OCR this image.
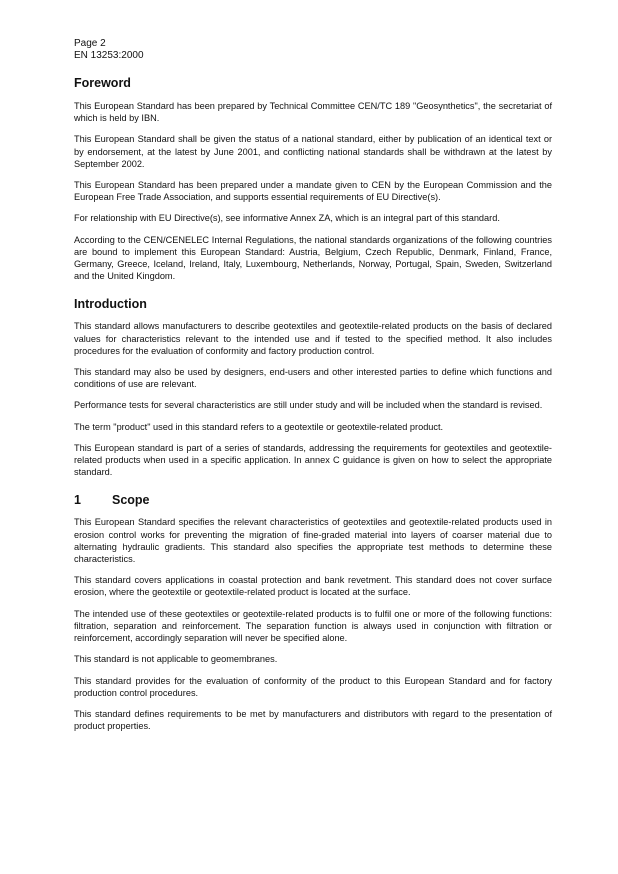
Page 2

EN 13253:2000

Foreword

This European Standard has been prepared by Technical Committee CEN/TC 189 "Geosynthetics", the secretariat of which is held by IBN.

This European Standard shall be given the status of a national standard, either by publication of an identical text or by endorsement, at the latest by June 2001, and conflicting national standards shall be withdrawn at the latest by September 2002.

This European Standard has been prepared under a mandate given to CEN by the European Commission and the European Free Trade Association, and supports essential requirements of EU Directive(s).

For relationship with EU Directive(s), see informative Annex ZA, which is an integral part of this standard.

According to the CEN/CENELEC Internal Regulations, the national standards organizations of the following countries are bound to implement this European Standard: Austria, Belgium, Czech Republic, Denmark, Finland, France, Germany, Greece, Iceland, Ireland, Italy, Luxembourg, Netherlands, Norway, Portugal, Spain, Sweden, Switzerland and the United Kingdom.

Introduction

This standard allows manufacturers to describe geotextiles and geotextile-related products on the basis of declared values for characteristics relevant to the intended use and if tested to the specified method. It also includes procedures for the evaluation of conformity and factory production control.

This standard may also be used by designers, end-users and other interested parties to define which functions and conditions of use are relevant.

Performance tests for several characteristics are still under study and will be included when the standard is revised.

The term "product" used in this standard refers to a geotextile or geotextile-related product.

This European standard is part of a series of standards, addressing the requirements for geotextiles and geotextile-related products when used in a specific application. In annex C guidance is given on how to select the appropriate standard.

1 Scope

This European Standard specifies the relevant characteristics of geotextiles and geotextile-related products used in erosion control works for preventing the migration of fine-graded material into layers of coarser material due to alternating hydraulic gradients. This standard also specifies the appropriate test methods to determine these characteristics.

This standard covers applications in coastal protection and bank revetment. This standard does not cover surface erosion, where the geotextile or geotextile-related product is located at the surface.

The intended use of these geotextiles or geotextile-related products is to fulfil one or more of the following functions: filtration, separation and reinforcement. The separation function is always used in conjunction with filtration or reinforcement, accordingly separation will never be specified alone.

This standard is not applicable to geomembranes.

This standard provides for the evaluation of conformity of the product to this European Standard and for factory production control procedures.

This standard defines requirements to be met by manufacturers and distributors with regard to the presentation of product properties.
